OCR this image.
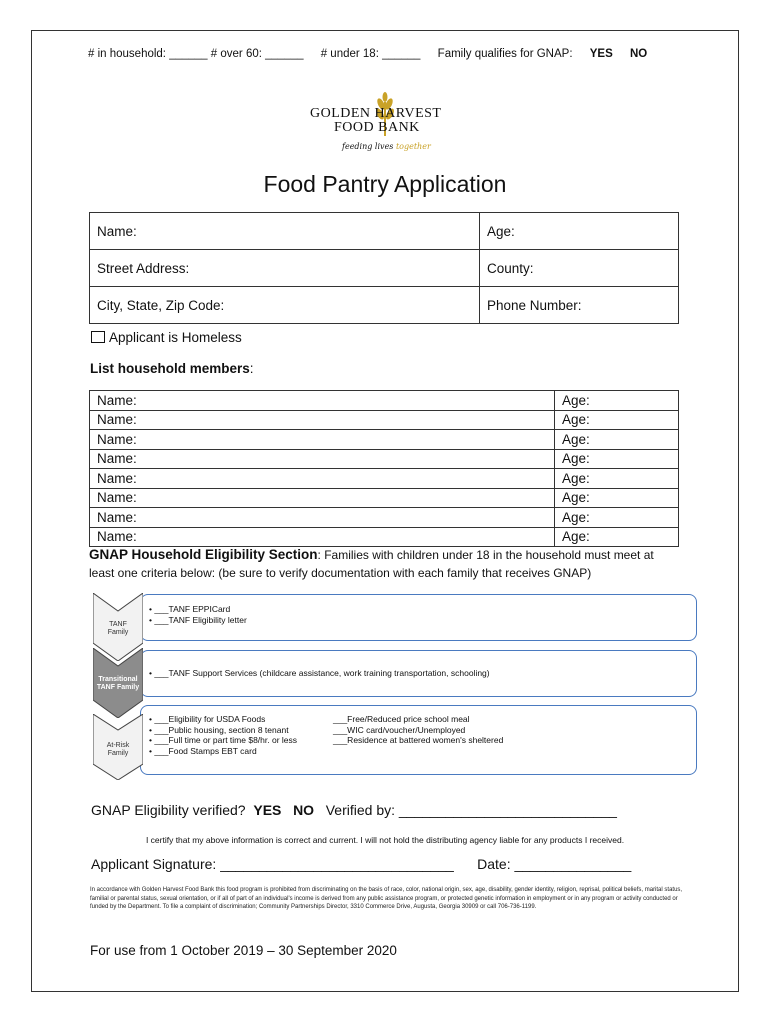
# in household: ______ # over 60: ______ # under 18: ______ Family qualifies for GNAP: YES NO
GOLDEN HARVEST
FOOD BANK
feeding lives together
Food Pantry Application
Name:	Age:
Street Address:	County:
City, State, Zip Code:	Phone Number:
Applicant is Homeless
List household members:
Name:	Age:
Name:	Age:
Name:	Age:
Name:	Age:
Name:	Age:
Name:	Age:
Name:	Age:
Name:	Age:
GNAP Household Eligibility Section: Families with children under 18 in the household must meet at least one criteria below: (be sure to verify documentation with each family that receives GNAP)
• ___TANF EPPICard
• ___TANF Eligibility letter
TANF
Family
• ___TANF Support Services (childcare assistance, work training transportation, schooling)
Transitional
TANF Family
• ___Eligibility for USDA Foods
• ___Public housing, section 8 tenant
• ___Full time or part time $8/hr. or less
• ___Food Stamps EBT card
___Free/Reduced price school meal
___WIC card/voucher/Unemployed
___Residence at battered women's sheltered
At-Risk
Family
GNAP Eligibility verified? YES NO Verified by: ____________________________
I certify that my above information is correct and current. I will not hold the distributing agency liable for any products I received.
Applicant Signature: ______________________________ Date: _______________
In accordance with Golden Harvest Food Bank this food program is prohibited from discriminating on the basis of race, color, national origin, sex, age, disability, gender identity, religion, reprisal, political beliefs, marital status, familial or parental status, sexual orientation, or if all of part of an individual's income is derived from any public assistance program, or protected genetic information in employment or in any program or activity conducted or funded by the Department. To file a complaint of discrimination; Community Partnerships Director, 3310 Commerce Drive, Augusta, Georgia 30909 or call 706-736-1199.
For use from 1 October 2019 – 30 September 2020
